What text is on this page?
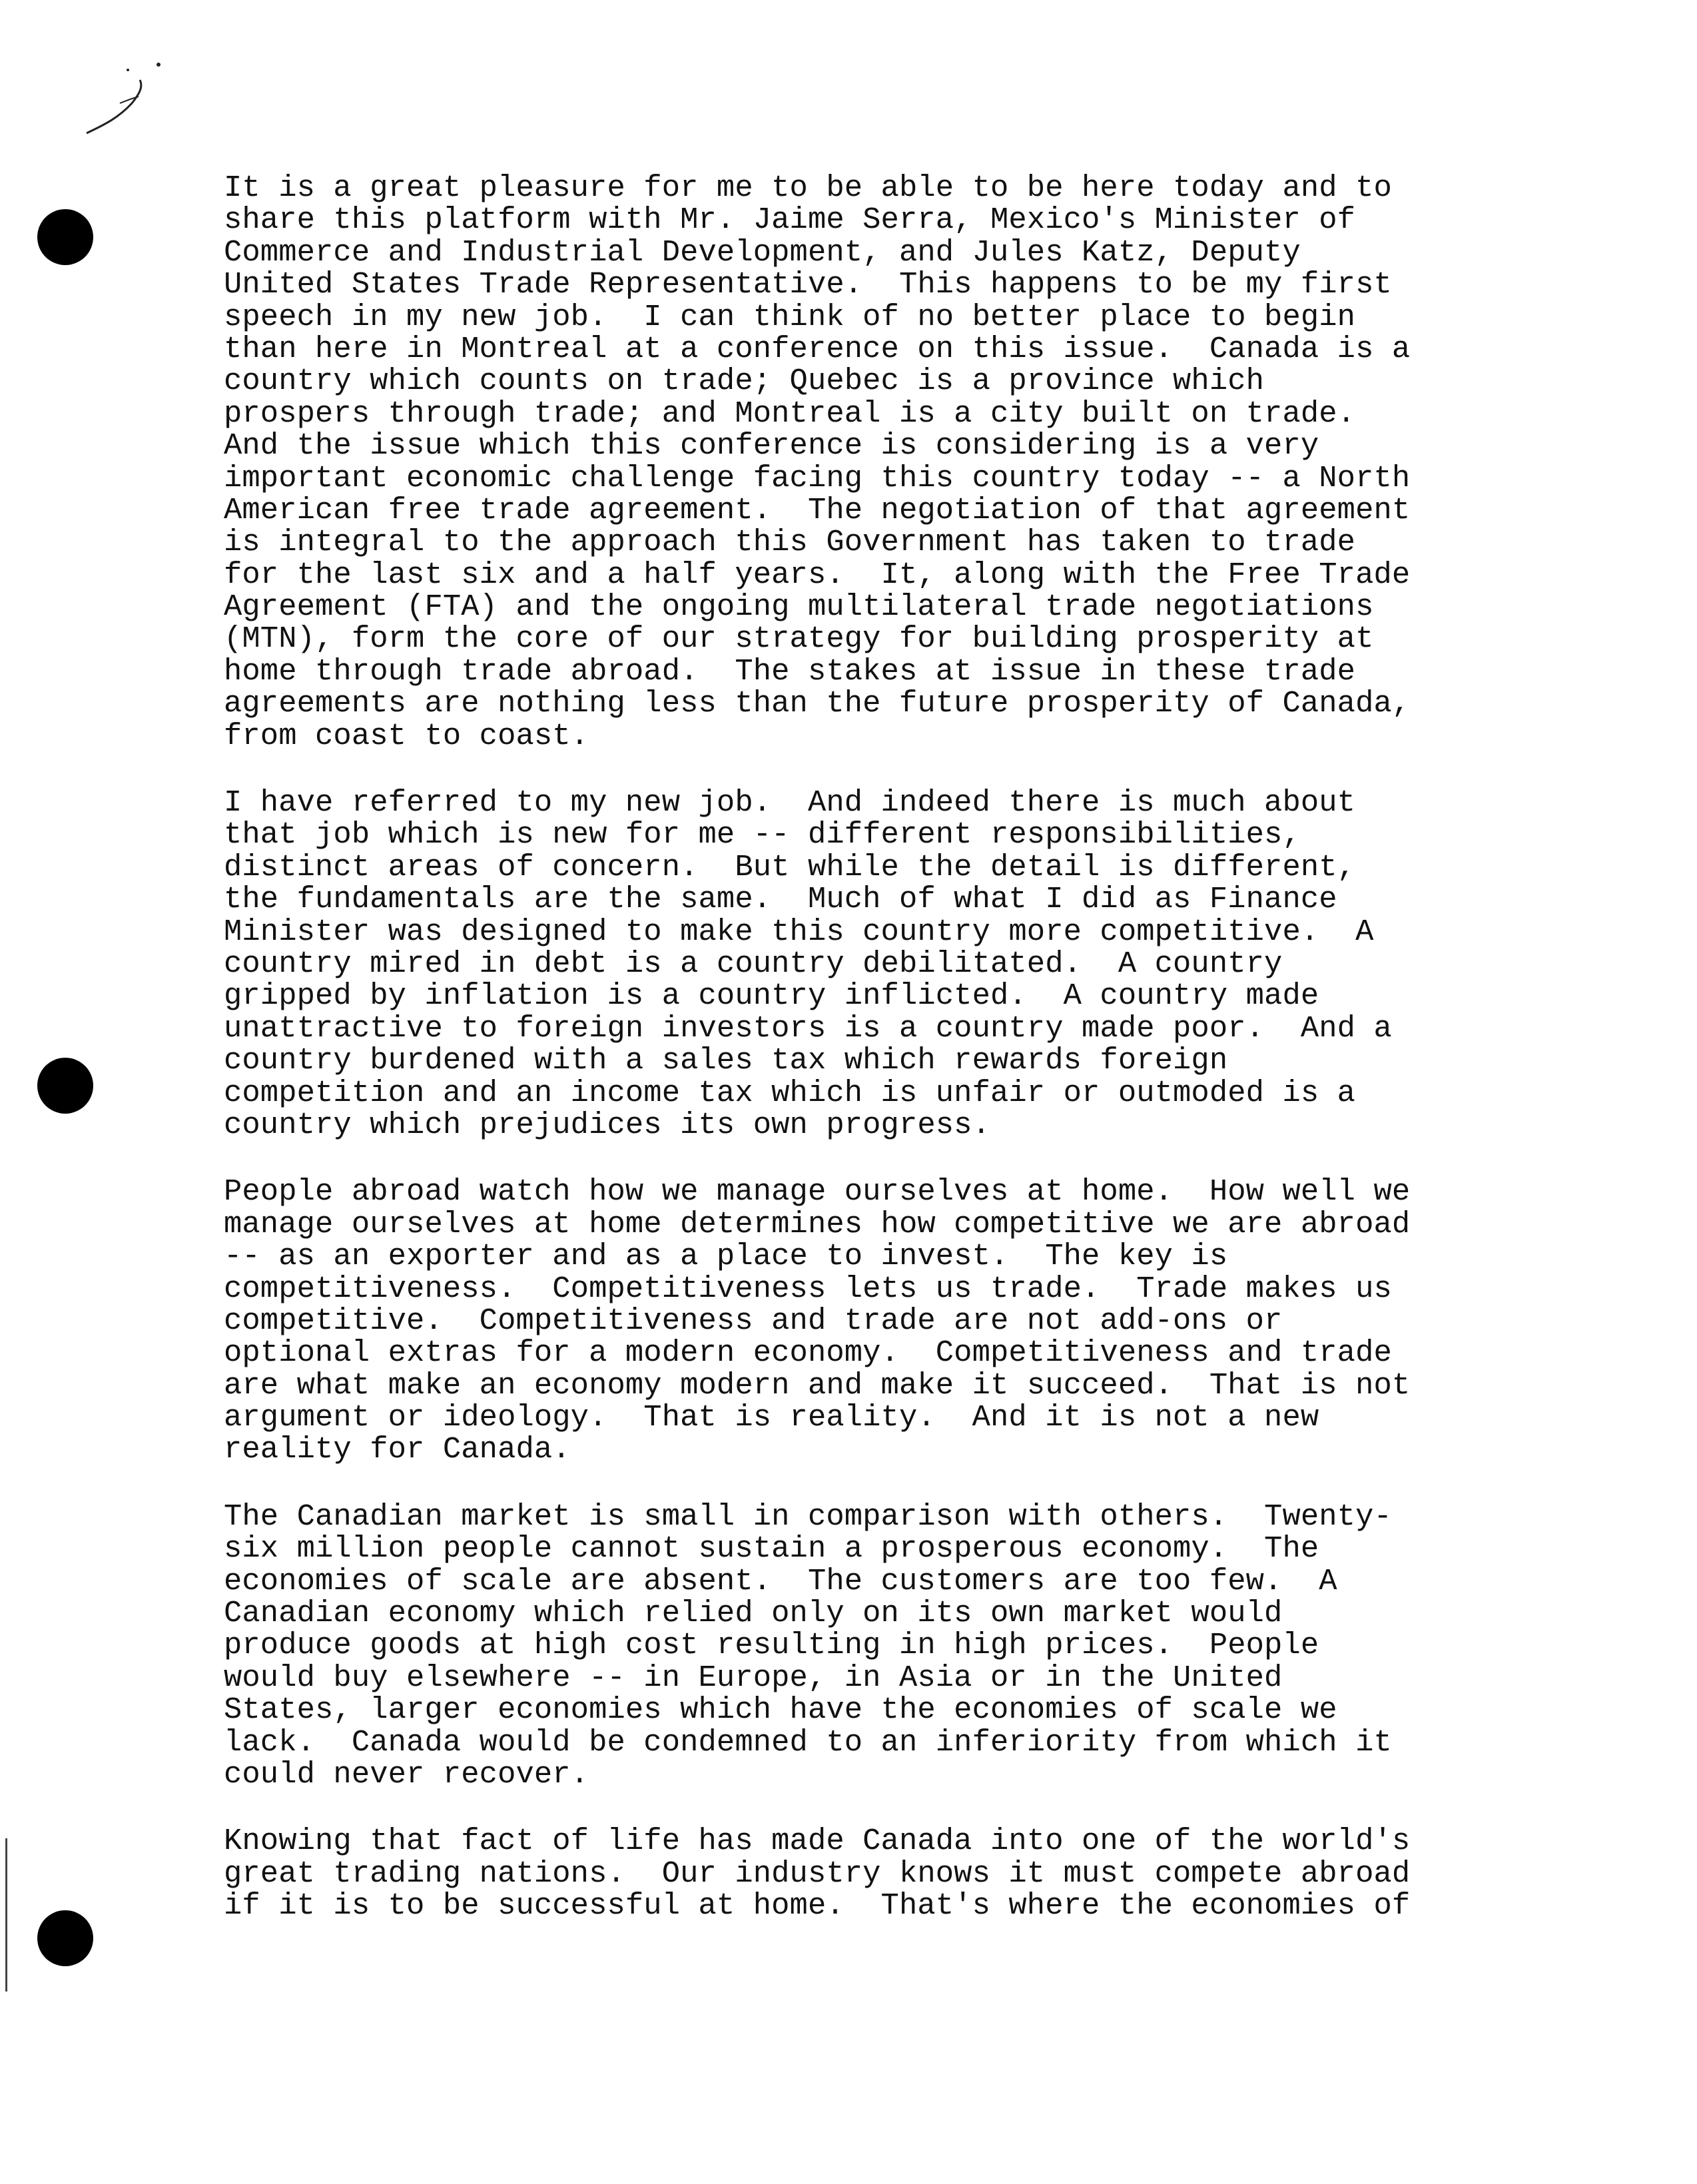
It is a great pleasure for me to be able to be here today and to
share this platform with Mr. Jaime Serra, Mexico's Minister of
Commerce and Industrial Development, and Jules Katz, Deputy
United States Trade Representative.  This happens to be my first
speech in my new job.  I can think of no better place to begin
than here in Montreal at a conference on this issue.  Canada is a
country which counts on trade; Quebec is a province which
prospers through trade; and Montreal is a city built on trade.
And the issue which this conference is considering is a very
important economic challenge facing this country today -- a North
American free trade agreement.  The negotiation of that agreement
is integral to the approach this Government has taken to trade
for the last six and a half years.  It, along with the Free Trade
Agreement (FTA) and the ongoing multilateral trade negotiations
(MTN), form the core of our strategy for building prosperity at
home through trade abroad.  The stakes at issue in these trade
agreements are nothing less than the future prosperity of Canada,
from coast to coast.
I have referred to my new job.  And indeed there is much about
that job which is new for me -- different responsibilities,
distinct areas of concern.  But while the detail is different,
the fundamentals are the same.  Much of what I did as Finance
Minister was designed to make this country more competitive.  A
country mired in debt is a country debilitated.  A country
gripped by inflation is a country inflicted.  A country made
unattractive to foreign investors is a country made poor.  And a
country burdened with a sales tax which rewards foreign
competition and an income tax which is unfair or outmoded is a
country which prejudices its own progress.
People abroad watch how we manage ourselves at home.  How well we
manage ourselves at home determines how competitive we are abroad
-- as an exporter and as a place to invest.  The key is
competitiveness.  Competitiveness lets us trade.  Trade makes us
competitive.  Competitiveness and trade are not add-ons or
optional extras for a modern economy.  Competitiveness and trade
are what make an economy modern and make it succeed.  That is not
argument or ideology.  That is reality.  And it is not a new
reality for Canada.
The Canadian market is small in comparison with others.  Twenty-
six million people cannot sustain a prosperous economy.  The
economies of scale are absent.  The customers are too few.  A
Canadian economy which relied only on its own market would
produce goods at high cost resulting in high prices.  People
would buy elsewhere -- in Europe, in Asia or in the United
States, larger economies which have the economies of scale we
lack.  Canada would be condemned to an inferiority from which it
could never recover.
Knowing that fact of life has made Canada into one of the world's
great trading nations.  Our industry knows it must compete abroad
if it is to be successful at home.  That's where the economies of
